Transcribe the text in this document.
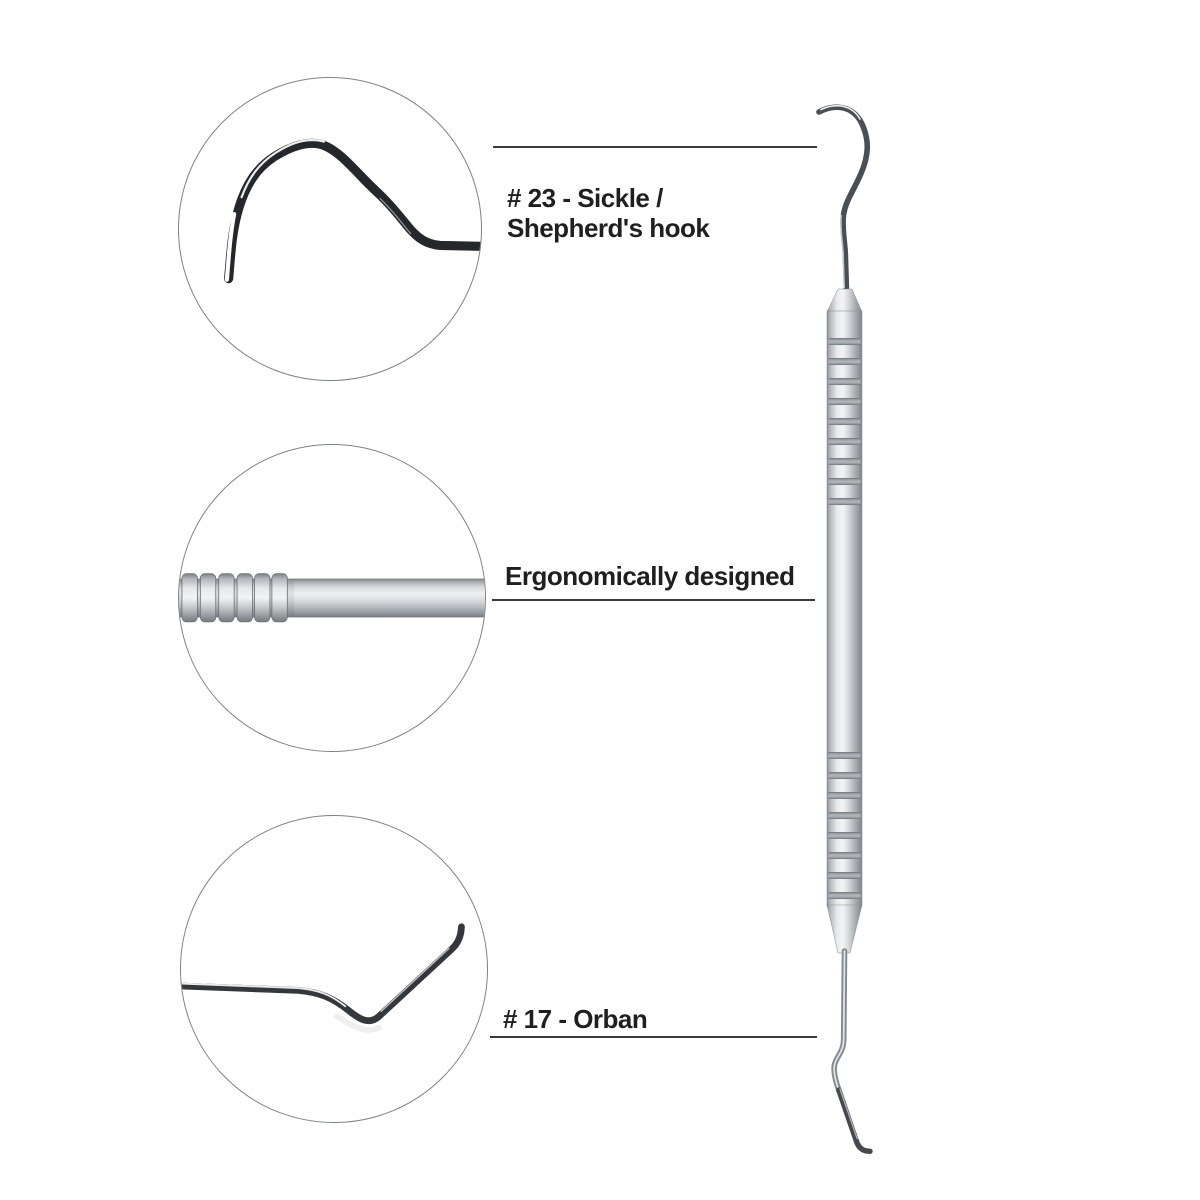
# 23 - Sickle /
Shepherd's hook
Ergonomically designed
# 17 - Orban
